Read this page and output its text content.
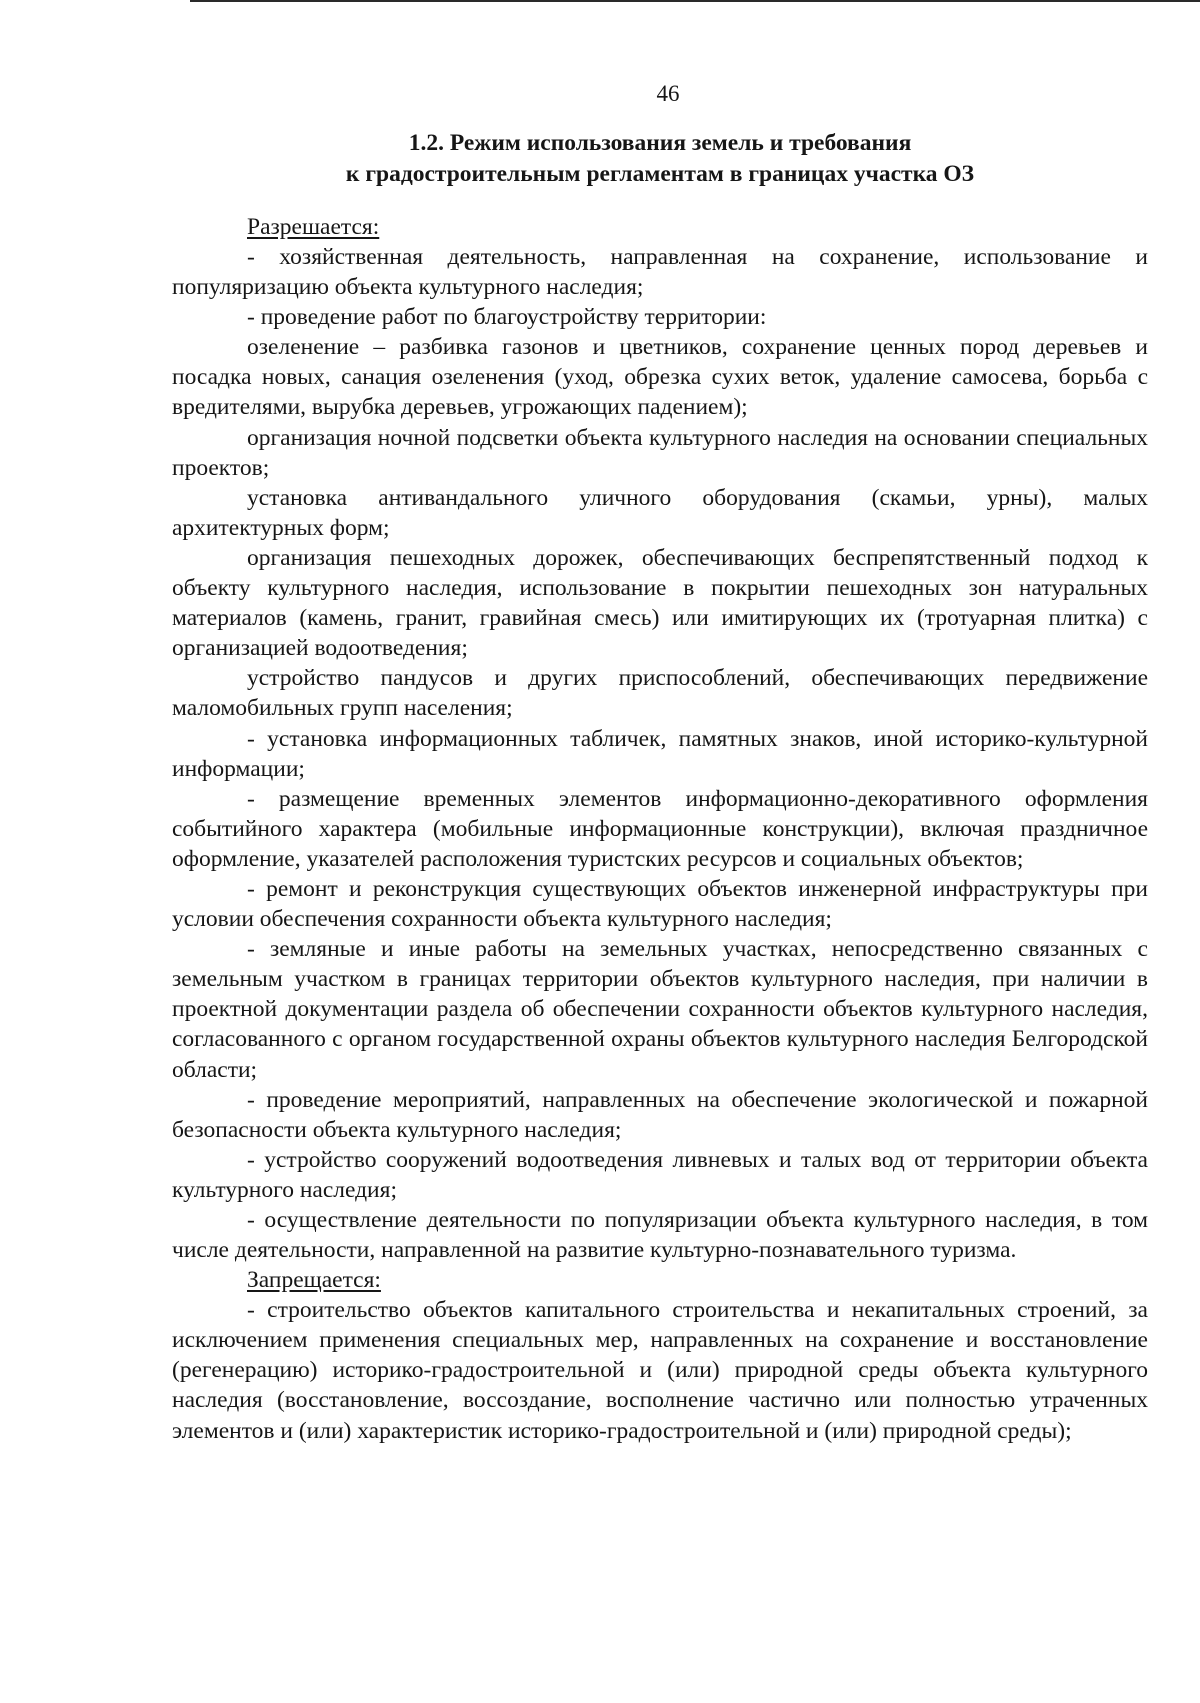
46
1.2. Режим использования земель и требования
к градостроительным регламентам в границах участка ОЗ
Разрешается:

- хозяйственная деятельность, направленная на сохранение, использование и популяризацию объекта культурного наследия;

- проведение работ по благоустройству территории:

озеленение – разбивка газонов и цветников, сохранение ценных пород деревьев и посадка новых, санация озеленения (уход, обрезка сухих веток, удаление самосева, борьба с вредителями, вырубка деревьев, угрожающих падением);

организация ночной подсветки объекта культурного наследия на основании специальных проектов;

установка антивандального уличного оборудования (скамьи, урны), малых архитектурных форм;

организация пешеходных дорожек, обеспечивающих беспрепятственный подход к объекту культурного наследия, использование в покрытии пешеходных зон натуральных материалов (камень, гранит, гравийная смесь) или имитирующих их (тротуарная плитка) с организацией водоотведения;

устройство пандусов и других приспособлений, обеспечивающих передвижение маломобильных групп населения;

- установка информационных табличек, памятных знаков, иной историко-культурной информации;

- размещение временных элементов информационно-декоративного оформления событийного характера (мобильные информационные конструкции), включая праздничное оформление, указателей расположения туристских ресурсов и социальных объектов;

- ремонт и реконструкция существующих объектов инженерной инфраструктуры при условии обеспечения сохранности объекта культурного наследия;

- земляные и иные работы на земельных участках, непосредственно связанных с земельным участком в границах территории объектов культурного наследия, при наличии в проектной документации раздела об обеспечении сохранности объектов культурного наследия, согласованного с органом государственной охраны объектов культурного наследия Белгородской области;

- проведение мероприятий, направленных на обеспечение экологической и пожарной безопасности объекта культурного наследия;

- устройство сооружений водоотведения ливневых и талых вод от территории объекта культурного наследия;

- осуществление деятельности по популяризации объекта культурного наследия, в том числе деятельности, направленной на развитие культурно-познавательного туризма.

Запрещается:

- строительство объектов капитального строительства и некапитальных строений, за исключением применения специальных мер, направленных на сохранение и восстановление (регенерацию) историко-градостроительной и (или) природной среды объекта культурного наследия (восстановление, воссоздание, восполнение частично или полностью утраченных элементов и (или) характеристик историко-градостроительной и (или) природной среды);
